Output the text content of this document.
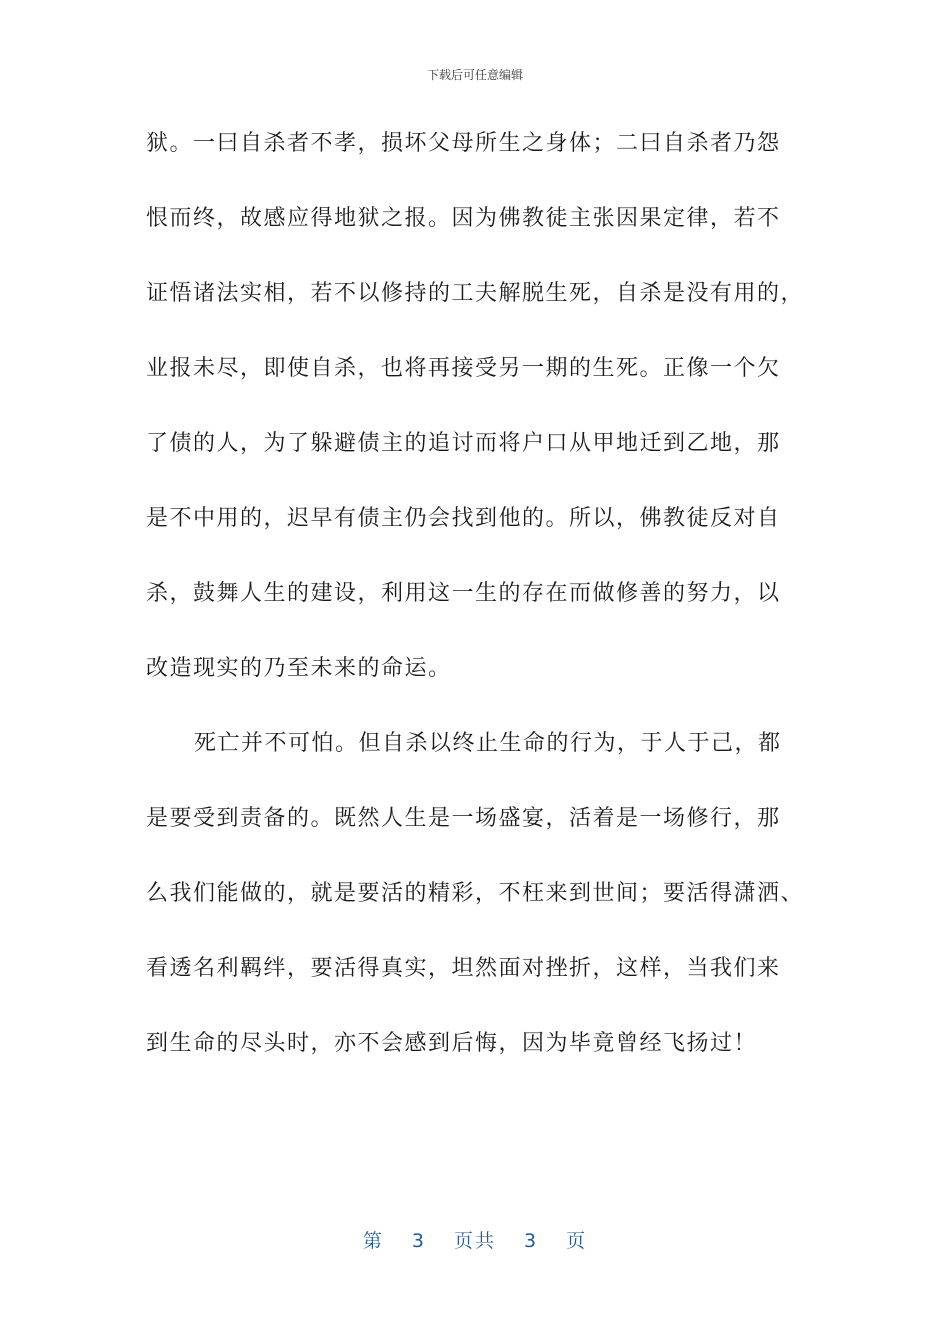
下载后可任意编辑
狱。一曰自杀者不孝，损坏父母所生之身体；二曰自杀者乃怨
恨而终，故感应得地狱之报。因为佛教徒主张因果定律，若不
证悟诸法实相，若不以修持的工夫解脱生死，自杀是没有用的，
业报未尽，即使自杀，也将再接受另一期的生死。正像一个欠
了债的人，为了躲避债主的追讨而将户口从甲地迁到乙地，那
是不中用的，迟早有债主仍会找到他的。所以，佛教徒反对自
杀，鼓舞人生的建设，利用这一生的存在而做修善的努力，以
改造现实的乃至未来的命运。
死亡并不可怕。但自杀以终止生命的行为，于人于己，都
是要受到责备的。既然人生是一场盛宴，活着是一场修行，那
么我们能做的，就是要活的精彩，不枉来到世间；要活得潇洒、
看透名利羁绊，要活得真实，坦然面对挫折，这样，当我们来
到生命的尽头时，亦不会感到后悔，因为毕竟曾经飞扬过！
第 3 页共 3 页
